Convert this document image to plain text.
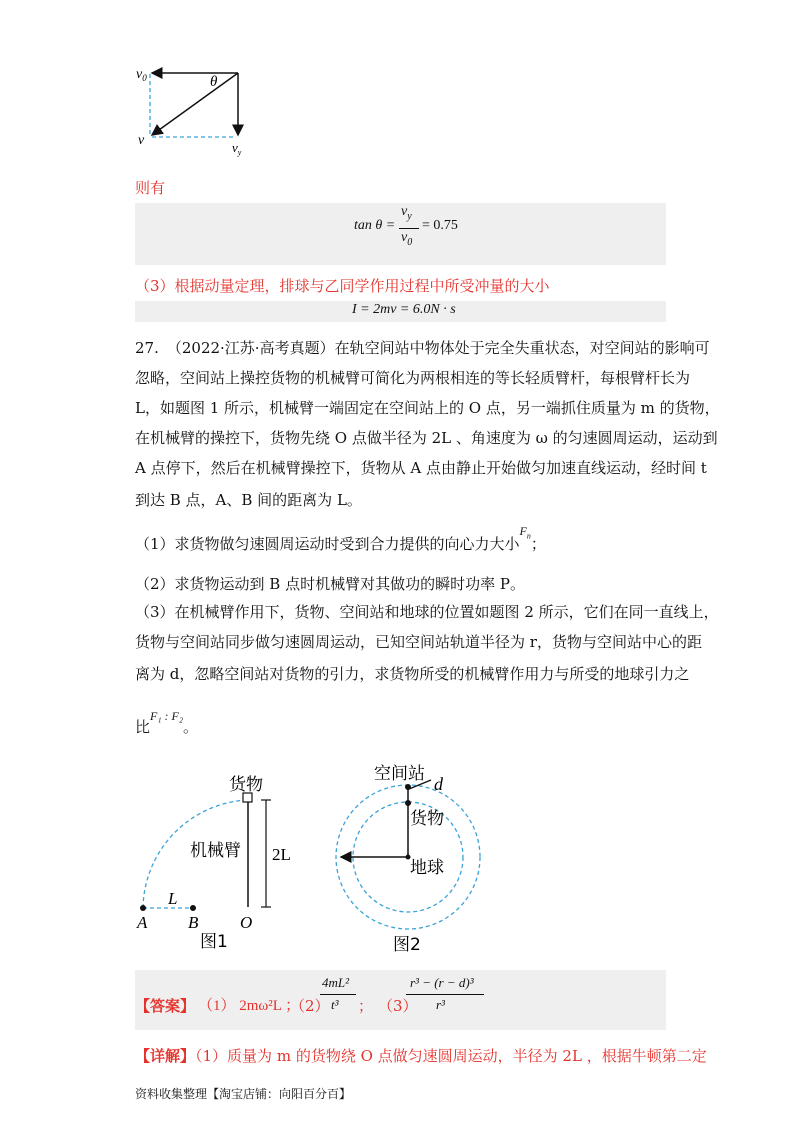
$v_0$	θ
v	$v_y$
则有
tan θ =
$v_y$
$v_0$
= 0.75
（3）根据动量定理，排球与乙同学作用过程中所受冲量的大小
I = 2mv = 6.0N · s
27. （2022·江苏·高考真题）在轨空间站中物体处于完全失重状态，对空间站的影响可
忽略，空间站上操控货物的机械臂可简化为两根相连的等长轻质臂杆，每根臂杆长为
L，如题图 1 所示，机械臂一端固定在空间站上的 O 点，另一端抓住质量为 m 的货物，
在机械臂的操控下，货物先绕 O 点做半径为 2L 、角速度为 ω 的匀速圆周运动，运动到
A 点停下，然后在机械臂操控下，货物从 A 点由静止开始做匀加速直线运动，经时间 t
到达 B 点，A、B 间的距离为 L。
（1）求货物做匀速圆周运动时受到合力提供的向心力大小$^{F_n}$；
（2）求货物运动到 B 点时机械臂对其做功的瞬时功率 P。
（3）在机械臂作用下，货物、空间站和地球的位置如题图 2 所示，它们在同一直线上，
货物与空间站同步做匀速圆周运动，已知空间站轨道半径为 r，货物与空间站中心的距
离为 d，忽略空间站对货物的引力，求货物所受的机械臂作用力与所受的地球引力之
比$^{F_1 : F_2}$。
货物
机械臂 2L
A
L
B O
图1
空间站 d
货物
地球
图2
【答案】 （1） 2mω²L ；
（2）
4mL²
t³ ； （3）
r³ − (r − d)³
r³
【详解】（1）质量为 m 的货物绕 O 点做匀速圆周运动，半径为 2L ，根据牛顿第二定
资料收集整理【淘宝店铺：向阳百分百】
